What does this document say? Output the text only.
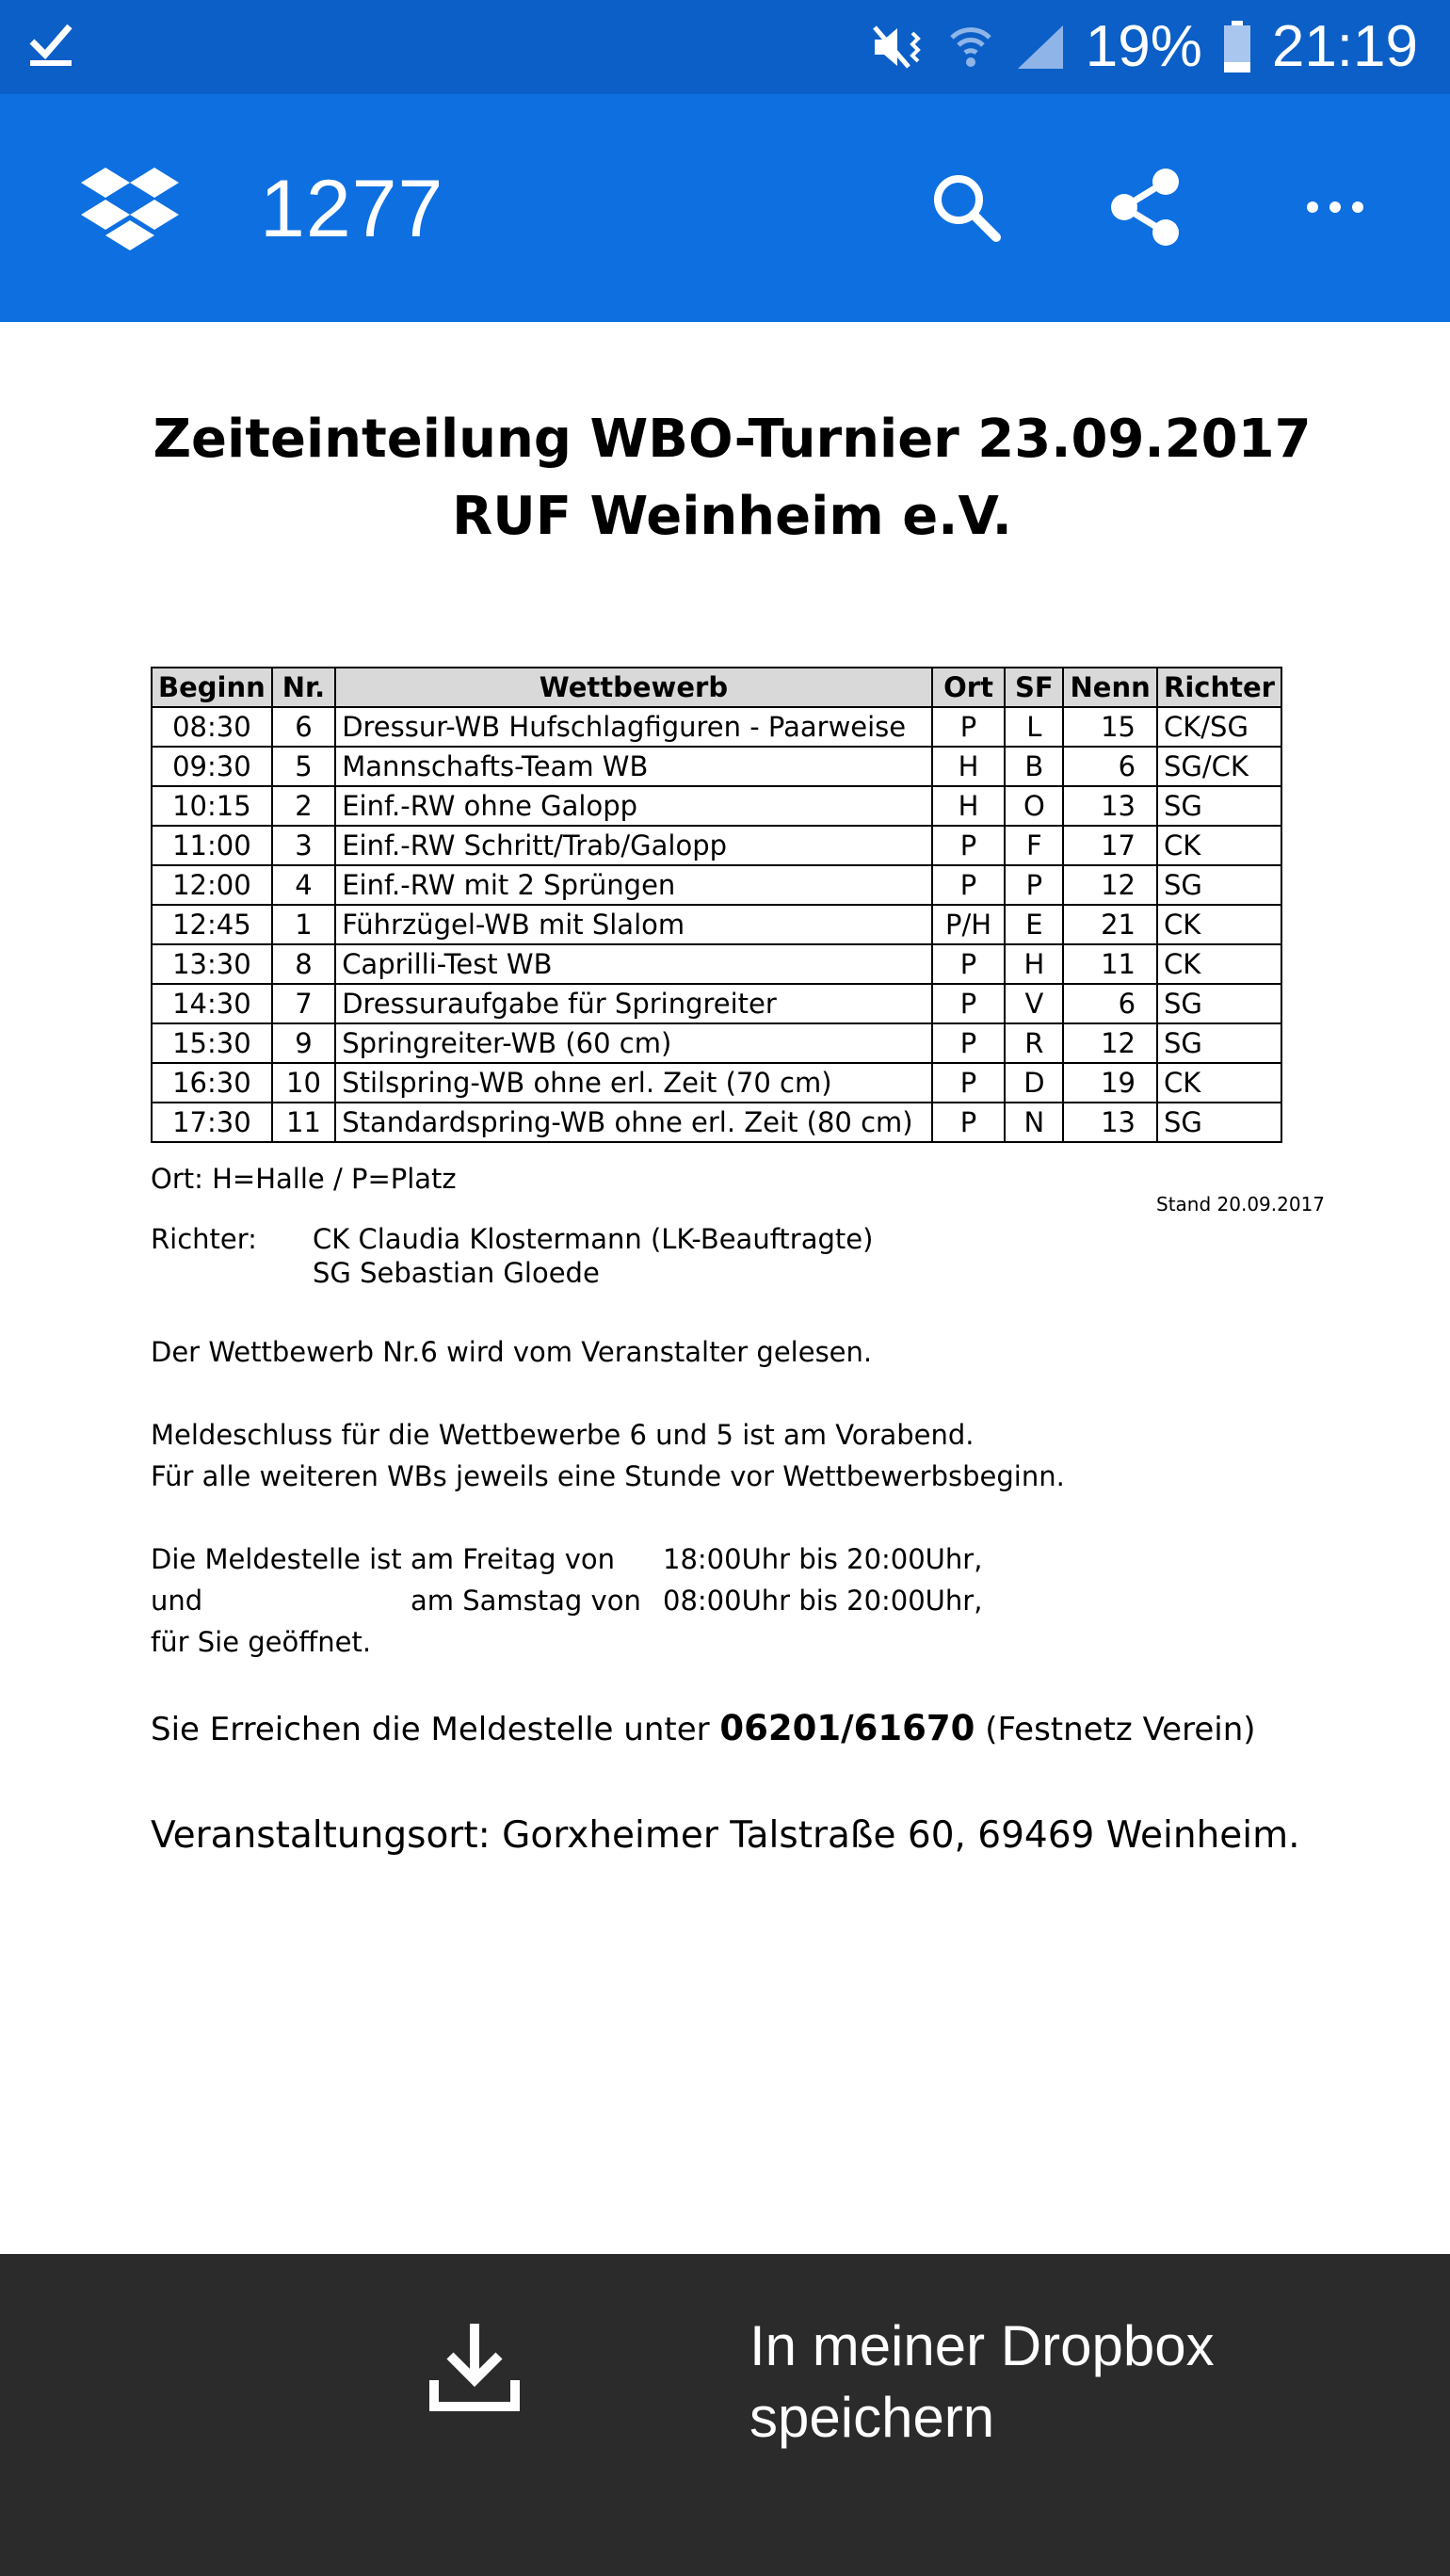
19% 21:19
1277
Zeiteinteilung WBO-Turnier 23.09.2017
RUF Weinheim e.V.
Beginn	Nr.	Wettbewerb	Ort	SF	Nenn	Richter
08:30	6	Dressur-WB Hufschlagfiguren - Paarweise	P	L	15	CK/SG
09:30	5	Mannschafts-Team WB	H	B	6	SG/CK
10:15	2	Einf.-RW ohne Galopp	H	O	13	SG
11:00	3	Einf.-RW Schritt/Trab/Galopp	P	F	17	CK
12:00	4	Einf.-RW mit 2 Sprüngen	P	P	12	SG
12:45	1	Führzügel-WB mit Slalom	P/H	E	21	CK
13:30	8	Caprilli-Test WB	P	H	11	CK
14:30	7	Dressuraufgabe für Springreiter	P	V	6	SG
15:30	9	Springreiter-WB (60 cm)	P	R	12	SG
16:30	10	Stilspring-WB ohne erl. Zeit (70 cm)	P	D	19	CK
17:30	11	Standardspring-WB ohne erl. Zeit (80 cm)	P	N	13	SG
Ort: H=Halle / P=Platz
Stand 20.09.2017
Richter: CK Claudia Klostermann (LK-Beauftragte)
SG Sebastian Gloede
Der Wettbewerb Nr.6 wird vom Veranstalter gelesen.
Meldeschluss für die Wettbewerbe 6 und 5 ist am Vorabend.
Für alle weiteren WBs jeweils eine Stunde vor Wettbewerbsbeginn.
Die Meldestelle ist am Freitag von 18:00Uhr bis 20:00Uhr,
und	am Samstag von 08:00Uhr bis 20:00Uhr,
für Sie geöffnet.
Sie Erreichen die Meldestelle unter 06201/61670 (Festnetz Verein)
Veranstaltungsort: Gorxheimer Talstraße 60, 69469 Weinheim.
In meiner Dropbox speichern
